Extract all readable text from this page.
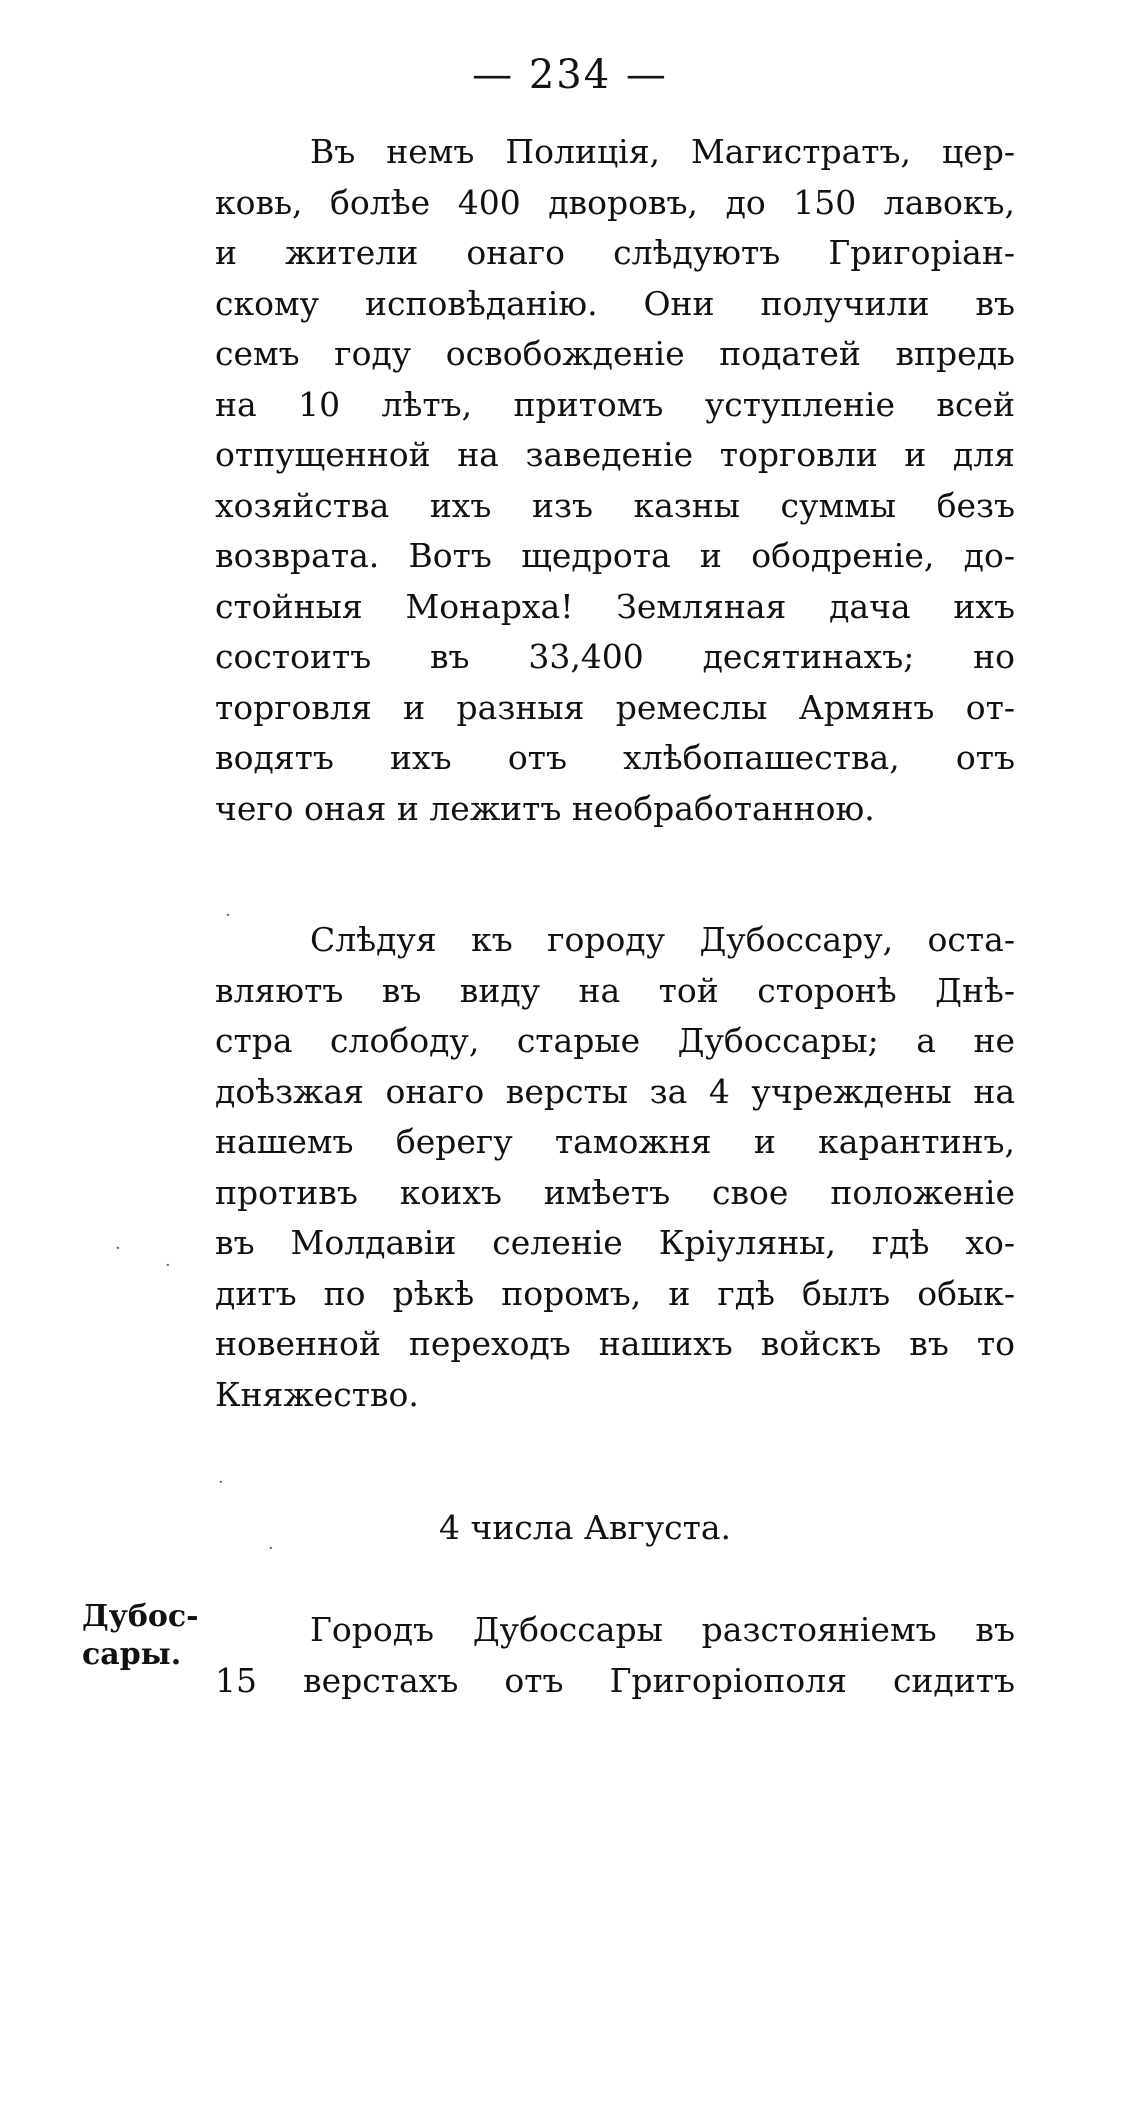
— 234 —
Въ немъ Полиція, Магистратъ, цер-
ковь, болѣе 400 дворовъ, до 150 лавокъ,
и жители онаго слѣдуютъ Григоріан-
скому исповѣданію. Они получили въ
семъ году освобожденіе податей впредь
на 10 лѣтъ, притомъ уступленіе всей
отпущенной на заведеніе торговли и для
хозяйства ихъ изъ казны суммы безъ
возврата. Вотъ щедрота и ободреніе, до-
стойныя Монарха! Земляная дача ихъ
состоитъ въ 33,400 десятинахъ; но
торговля и разныя ремеслы Армянъ от-
водятъ ихъ отъ хлѣбопашества, отъ
чего оная и лежитъ необработанною.
Слѣдуя къ городу Дубоссару, оста-
вляютъ въ виду на той сторонѣ Днѣ-
стра слободу, старые Дубоссары; а не
доѣзжая онаго версты за 4 учреждены на
нашемъ берегу таможня и карантинъ,
противъ коихъ имѣетъ свое положеніе
въ Молдавіи селеніе Кріуляны, гдѣ хо-
дитъ по рѣкѣ поромъ, и гдѣ былъ обык-
новенной переходъ нашихъ войскъ въ то
Княжество.
4 числа Августа.
Дубос-
сары.
Городъ Дубоссары разстояніемъ въ
15 верстахъ отъ Григоріополя сидитъ
·
·
·
·
·
